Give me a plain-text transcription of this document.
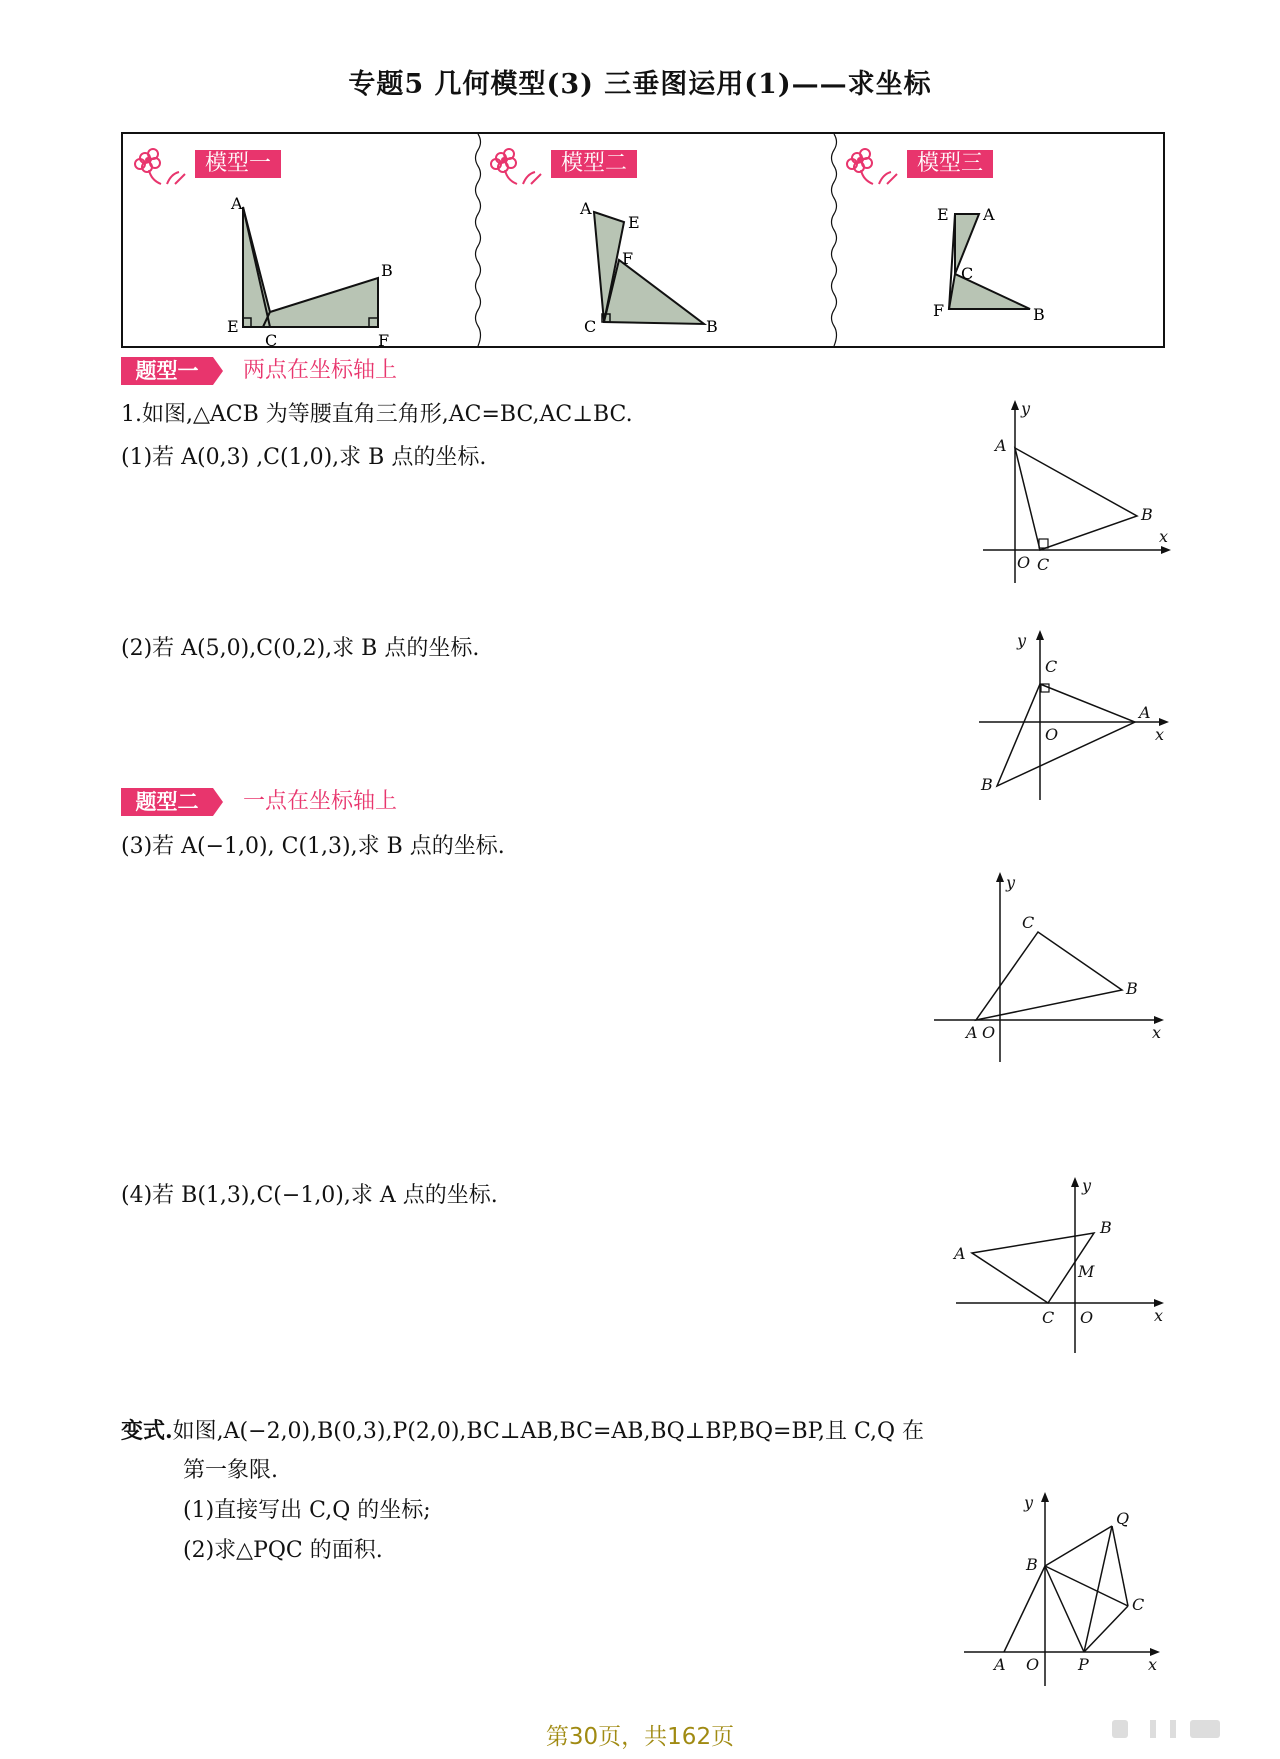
专题5 几何模型(3) 三垂图运用(1)——求坐标
模型一
A
B
E
C	F
模型二
A
E
F
C	B
模型三
E A
C
F	B
题型一	两点在坐标轴上
1.如图,△ACB 为等腰直角三角形,AC=BC,AC⊥BC.
(1)若 A(0,3) ,C(1,0),求 B 点的坐标.
y
x
A
B
O C
(2)若 A(5,0),C(0,2),求 B 点的坐标.	y
x
A
B
O
C
题型二	一点在坐标轴上
(3)若 A(−1,0), C(1,3),求 B 点的坐标.
y
x
A O
C
B
(4)若 B(1,3),C(−1,0),求 A 点的坐标.	y
x
A
B
M
C O
变式.如图,A(−2,0),B(0,3),P(2,0),BC⊥AB,BC=AB,BQ⊥BP,BQ=BP,且 C,Q 在
第一象限.
(1)直接写出 C,Q 的坐标;
(2)求△PQC 的面积.
y
x
Q
B
C
A O P
第30页，共162页
